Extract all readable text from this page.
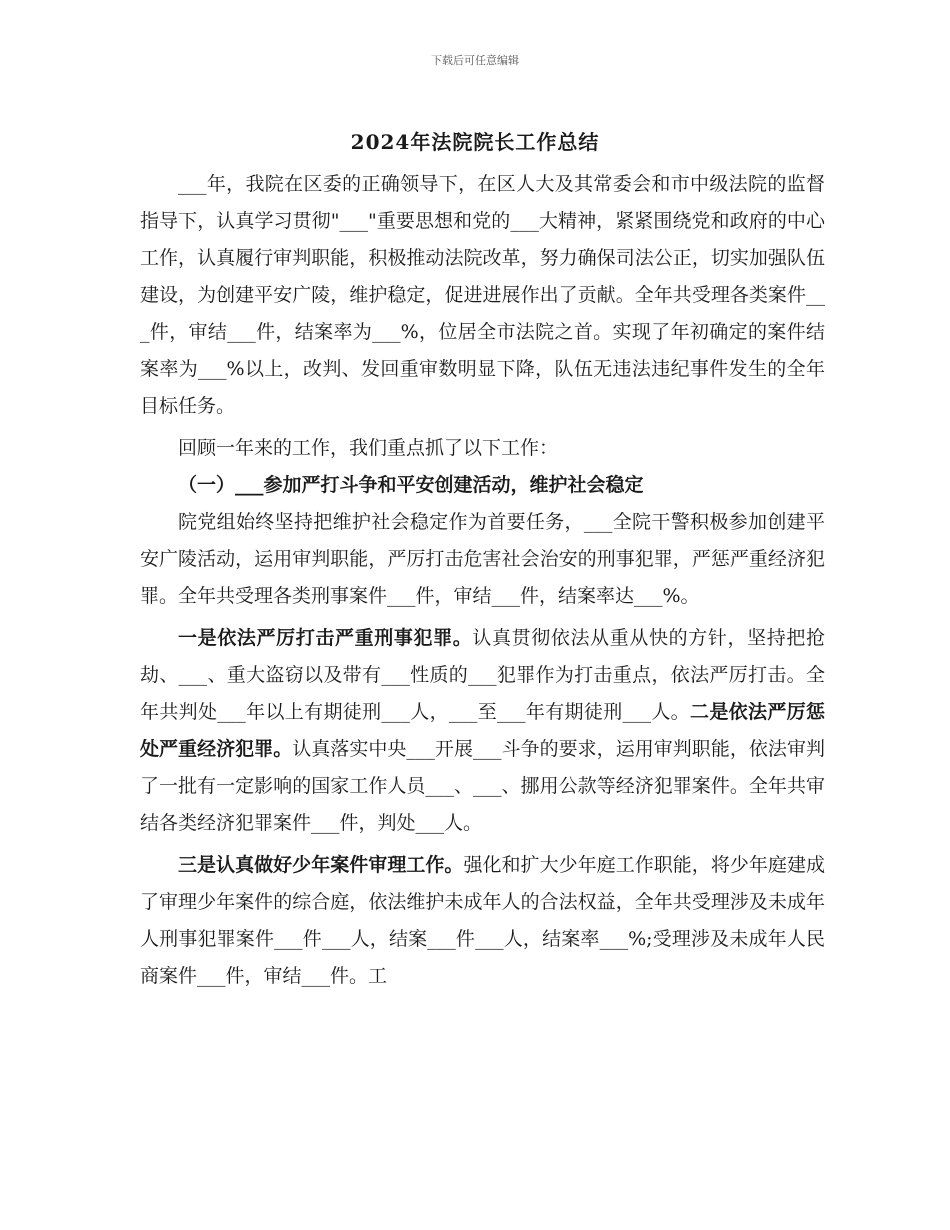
下载后可任意编辑
2024年法院院长工作总结

___年，我院在区委的正确领导下，在区人大及其常委会和市中级法院的监督指导下，认真学习贯彻"___"重要思想和党的___大精神，紧紧围绕党和政府的中心工作，认真履行审判职能，积极推动法院改革，努力确保司法公正，切实加强队伍建设，为创建平安广陵，维护稳定，促进进展作出了贡献。全年共受理各类案件___件，审结___件，结案率为___%，位居全市法院之首。实现了年初确定的案件结案率为___%以上，改判、发回重审数明显下降，队伍无违法违纪事件发生的全年目标任务。

回顾一年来的工作，我们重点抓了以下工作：

（一）___参加严打斗争和平安创建活动，维护社会稳定

院党组始终坚持把维护社会稳定作为首要任务，___全院干警积极参加创建平安广陵活动，运用审判职能，严厉打击危害社会治安的刑事犯罪，严惩严重经济犯罪。全年共受理各类刑事案件___件，审结___件，结案率达___%。

一是依法严厉打击严重刑事犯罪。认真贯彻依法从重从快的方针，坚持把抢劫、___、重大盗窃以及带有___性质的___犯罪作为打击重点，依法严厉打击。全年共判处___年以上有期徒刑___人，___至___年有期徒刑___人。二是依法严厉惩处严重经济犯罪。认真落实中央___开展___斗争的要求，运用审判职能，依法审判了一批有一定影响的国家工作人员___、___、挪用公款等经济犯罪案件。全年共审结各类经济犯罪案件___件，判处___人。

三是认真做好少年案件审理工作。强化和扩大少年庭工作职能，将少年庭建成了审理少年案件的综合庭，依法维护未成年人的合法权益，全年共受理涉及未成年人刑事犯罪案件___件___人，结案___件___人，结案率___%;受理涉及未成年人民商案件___件，审结___件。工
